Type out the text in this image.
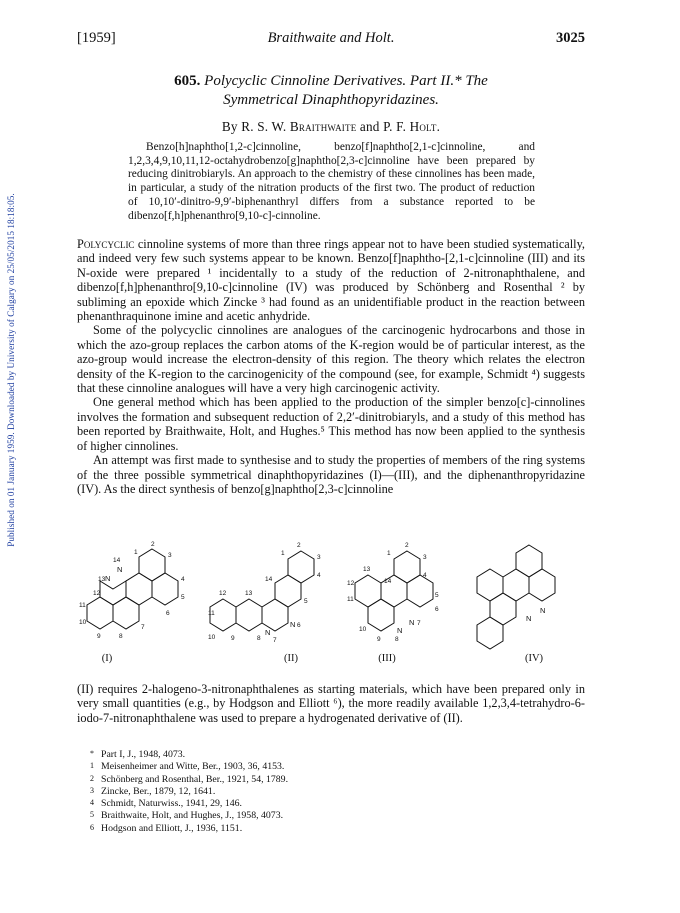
Published on 01 January 1959. Downloaded by University of Calgary on 25/05/2015 18:18:05.
[1959]	Braithwaite and Holt.	3025
605. Polycyclic Cinnoline Derivatives. Part II.* The
Symmetrical Dinaphthopyridazines.
By R. S. W. Braithwaite and P. F. Holt.
Benzo[h]naphtho[1,2-c]cinnoline, benzo[f]naphtho[2,1-c]cinnoline, and 1,2,3,4,9,10,11,12-octahydrobenzo[g]naphtho[2,3-c]cinnoline have been prepared by reducing dinitrobiaryls. An approach to the chemistry of these cinnolines has been made, in particular, a study of the nitration products of the first two. The product of reduction of 10,10′-dinitro-9,9′-biphenanthryl differs from a substance reported to be dibenzo[f,h]phenanthro[9,10-c]-cinnoline.

Polycyclic cinnoline systems of more than three rings appear not to have been studied systematically, and indeed very few such systems appear to be known. Benzo[f]naphtho-[2,1-c]cinnoline (III) and its N-oxide were prepared ¹ incidentally to a study of the reduction of 2-nitronaphthalene, and dibenzo[f,h]phenanthro[9,10-c]cinnoline (IV) was produced by Schönberg and Rosenthal ² by subliming an epoxide which Zincke ³ had found as an unidentifiable product in the reaction between phenanthraquinone imine and acetic anhydride.

Some of the polycyclic cinnolines are analogues of the carcinogenic hydrocarbons and those in which the azo-group replaces the carbon atoms of the K-region would be of particular interest, as the azo-group would increase the electron-density of this region. The theory which relates the electron density of the K-region to the carcinogenicity of the compound (see, for example, Schmidt ⁴) suggests that these cinnoline analogues will have a very high carcinogenic activity.

One general method which has been applied to the production of the simpler benzo[c]-cinnolines involves the formation and subsequent reduction of 2,2′-dinitrobiaryls, and a study of this method has been reported by Braithwaite, Holt, and Hughes.⁵ This method has now been applied to the synthesis of higher cinnolines.

An attempt was first made to synthesise and to study the properties of members of the ring systems of the three possible symmetrical dinaphthopyridazines (I)—(III), and the diphenanthropyridazine (IV). As the direct synthesis of benzo[g]naphtho[2,3-c]cinnoline

14
N
13 N
2
1	3
4
12
11
10
9	8
7
6
5
(I)
2
1
3
14
4
12	13
11
10 9	8 7
N
N 6
5
(II)
2
1
3
13
4
12	14
11
10
9 8
N
N 7
6
5
(III)
N
N
(IV)
(II) requires 2-halogeno-3-nitronaphthalenes as starting materials, which have been prepared only in very small quantities (e.g., by Hodgson and Elliott ⁶), the more readily available 1,2,3,4-tetrahydro-6-iodo-7-nitronaphthalene was used to prepare a hydrogenated derivative of (II).
* Part I, J., 1948, 4073.
1 Meisenheimer and Witte, Ber., 1903, 36, 4153.
2 Schönberg and Rosenthal, Ber., 1921, 54, 1789.
3 Zincke, Ber., 1879, 12, 1641.
4 Schmidt, Naturwiss., 1941, 29, 146.
5 Braithwaite, Holt, and Hughes, J., 1958, 4073.
6 Hodgson and Elliott, J., 1936, 1151.
